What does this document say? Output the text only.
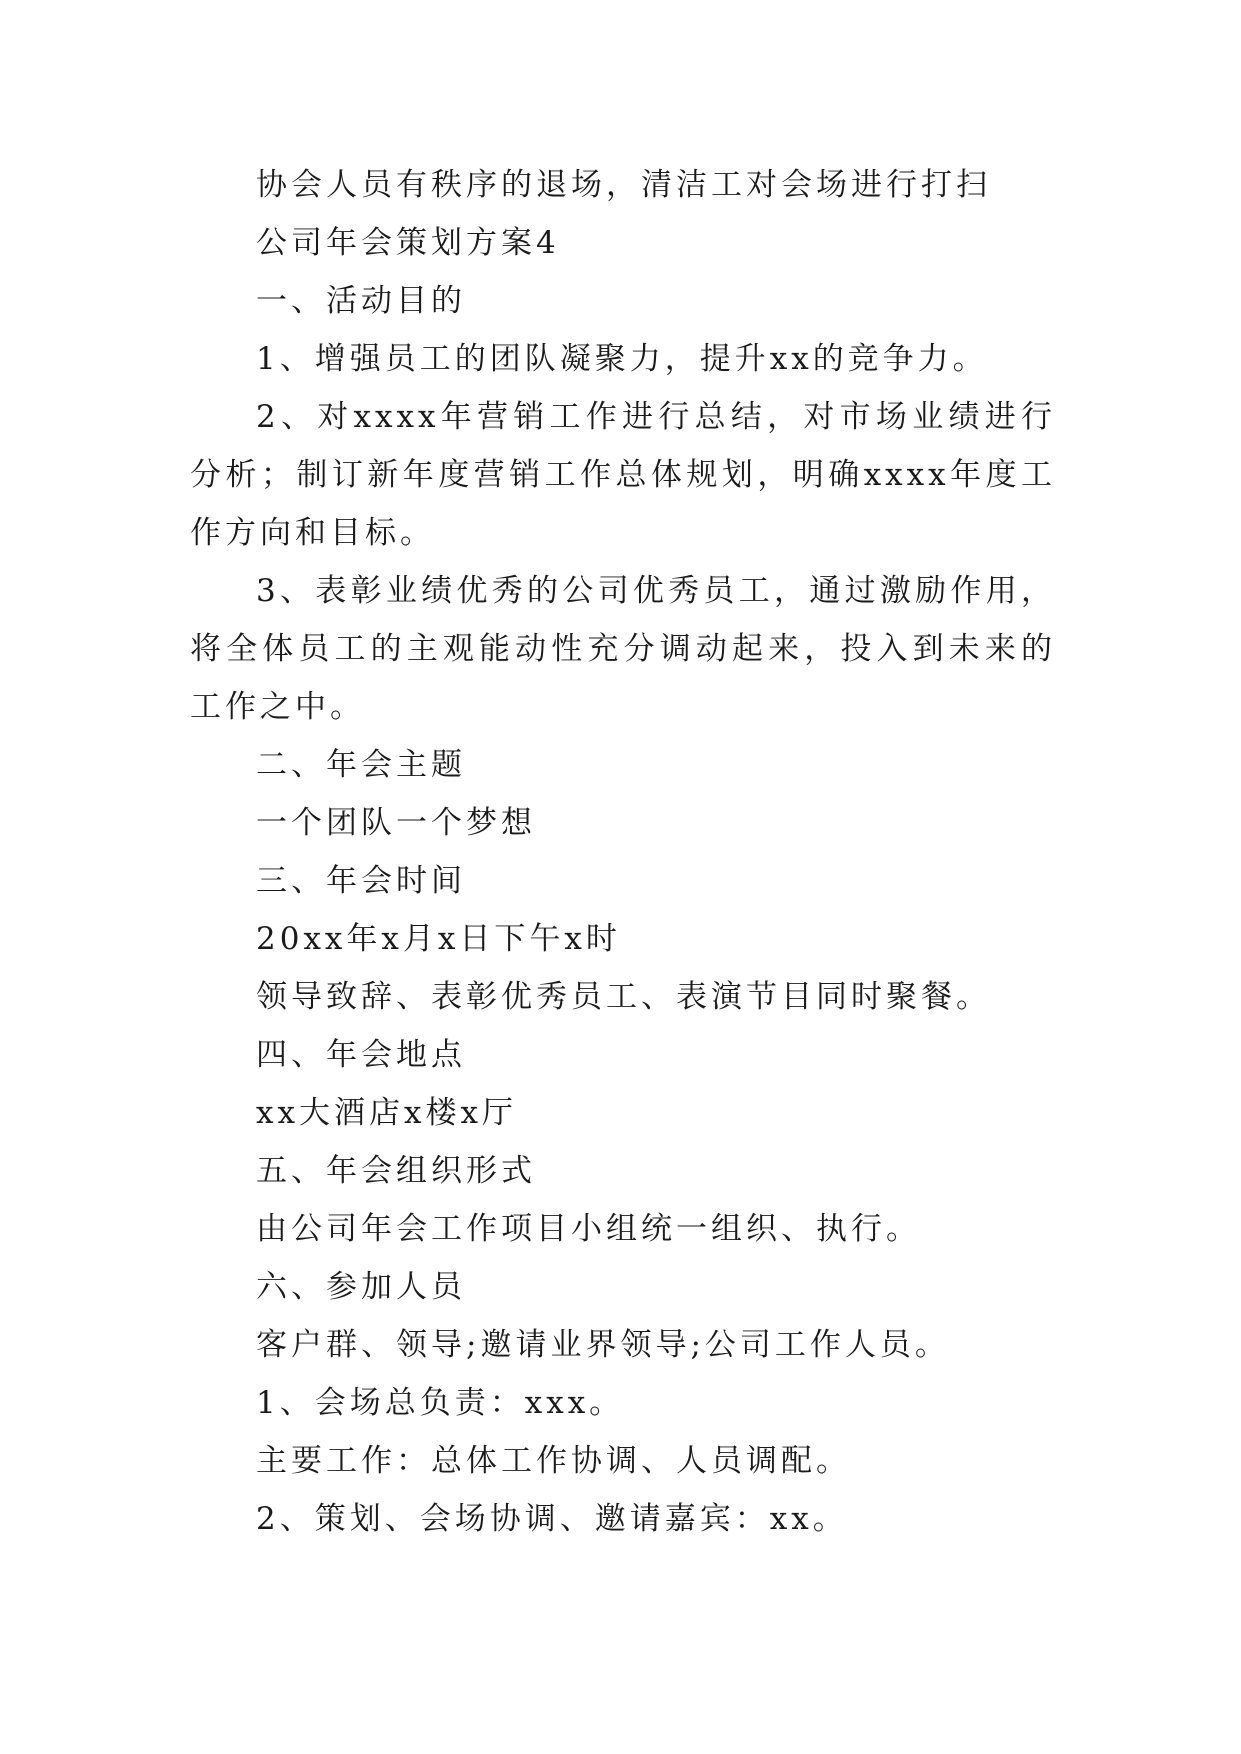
协会人员有秩序的退场，清洁工对会场进行打扫

公司年会策划方案4

一、活动目的

1、增强员工的团队凝聚力，提升xx的竞争力。

2、对xxxx年营销工作进行总结，对市场业绩进行分析；制订新年度营销工作总体规划，明确xxxx年度工作方向和目标。

3、表彰业绩优秀的公司优秀员工，通过激励作用，将全体员工的主观能动性充分调动起来，投入到未来的工作之中。

二、年会主题

一个团队一个梦想

三、年会时间

20xx年x月x日下午x时

领导致辞、表彰优秀员工、表演节目同时聚餐。

四、年会地点

xx大酒店x楼x厅

五、年会组织形式

由公司年会工作项目小组统一组织、执行。

六、参加人员

客户群、领导;邀请业界领导;公司工作人员。

1、会场总负责：xxx。

主要工作：总体工作协调、人员调配。

2、策划、会场协调、邀请嘉宾：xx。
